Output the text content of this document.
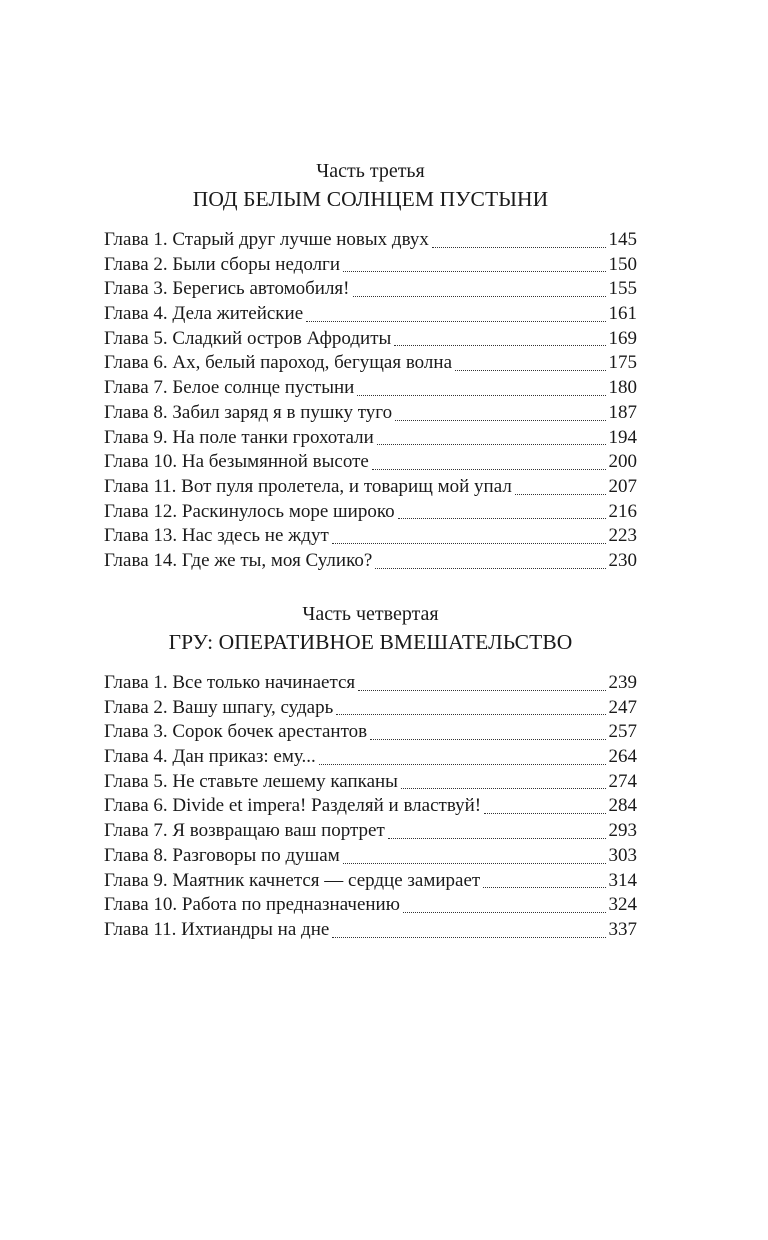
Часть третья
ПОД БЕЛЫМ СОЛНЦЕМ ПУСТЫНИ
Глава 1. Старый друг лучше новых двух	145
Глава 2. Были сборы недолги	150
Глава 3. Берегись автомобиля!	155
Глава 4. Дела житейские	161
Глава 5. Сладкий остров Афродиты	169
Глава 6. Ах, белый пароход, бегущая волна	175
Глава 7. Белое солнце пустыни	180
Глава 8. Забил заряд я в пушку туго	187
Глава 9. На поле танки грохотали	194
Глава 10. На безымянной высоте	200
Глава 11. Вот пуля пролетела, и товарищ мой упал	207
Глава 12. Раскинулось море широко	216
Глава 13. Нас здесь не ждут	223
Глава 14. Где же ты, моя Сулико?	230
Часть четвертая
ГРУ: ОПЕРАТИВНОЕ ВМЕШАТЕЛЬСТВО
Глава 1. Все только начинается	239
Глава 2. Вашу шпагу, сударь	247
Глава 3. Сорок бочек арестантов	257
Глава 4. Дан приказ: ему...	264
Глава 5. Не ставьте лешему капканы	274
Глава 6. Divide et impera! Разделяй и властвуй!	284
Глава 7. Я возвращаю ваш портрет	293
Глава 8. Разговоры по душам	303
Глава 9. Маятник качнется — сердце замирает	314
Глава 10. Работа по предназначению	324
Глава 11. Ихтиандры на дне	337
